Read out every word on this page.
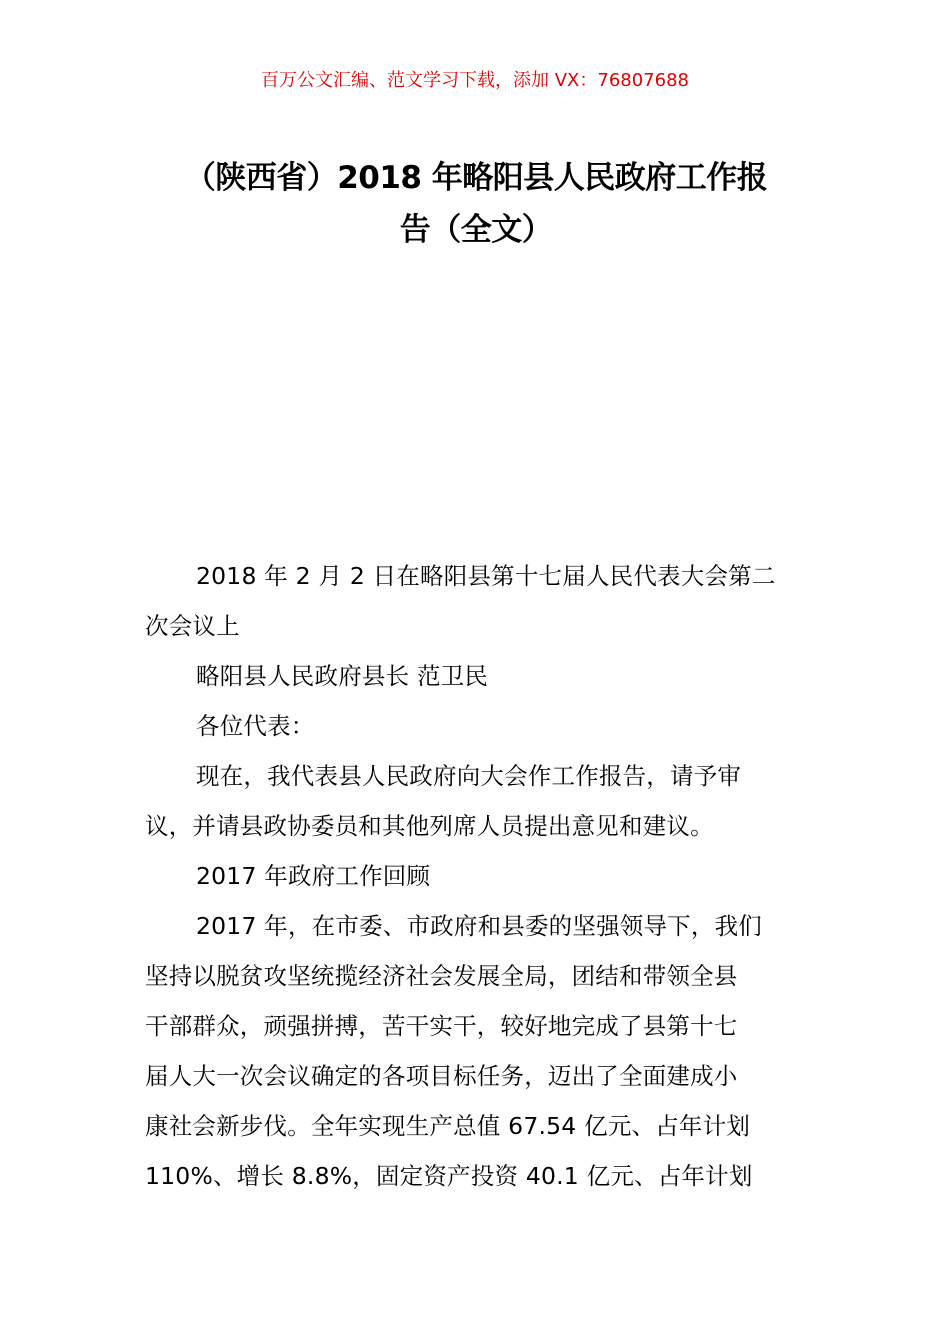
百万公文汇编、范文学习下载，添加 VX：76807688
（陕西省）2018 年略阳县人民政府工作报
告（全文）

2018 年 2 月 2 日在略阳县第十七届人民代表大会第二
次会议上

略阳县人民政府县长 范卫民

各位代表：

现在，我代表县人民政府向大会作工作报告，请予审
议，并请县政协委员和其他列席人员提出意见和建议。

2017 年政府工作回顾

2017 年，在市委、市政府和县委的坚强领导下，我们
坚持以脱贫攻坚统揽经济社会发展全局，团结和带领全县
干部群众，顽强拼搏，苦干实干，较好地完成了县第十七
届人大一次会议确定的各项目标任务，迈出了全面建成小
康社会新步伐。全年实现生产总值 67.54 亿元、占年计划
110%、增长 8.8%，固定资产投资 40.1 亿元、占年计划
